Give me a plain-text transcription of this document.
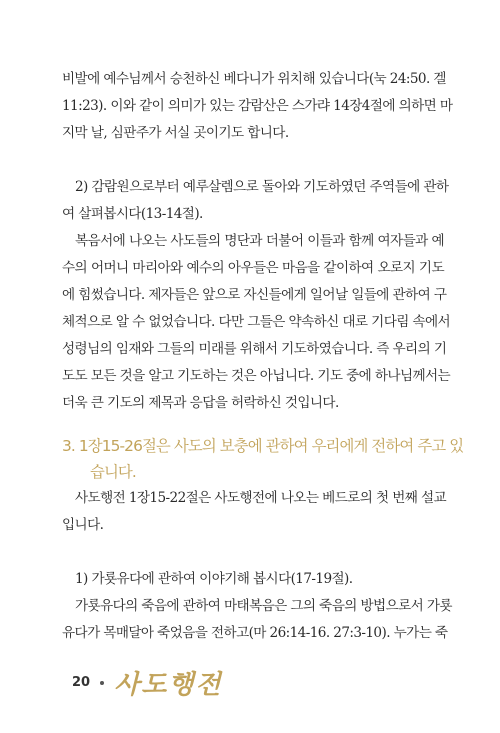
비발에 예수님께서 승천하신 베다니가 위치해 있습니다(눅 24:50. 겔

11:23). 이와 같이 의미가 있는 감람산은 스가랴 14장4절에 의하면 마

지막 날, 심판주가 서실 곳이기도 합니다.

2) 감람원으로부터 예루살렘으로 돌아와 기도하였던 주역들에 관하

여 살펴봅시다(13-14절).

복음서에 나오는 사도들의 명단과 더불어 이들과 함께 여자들과 예

수의 어머니 마리아와 예수의 아우들은 마음을 같이하여 오로지 기도

에 힘썼습니다. 제자들은 앞으로 자신들에게 일어날 일들에 관하여 구

체적으로 알 수 없었습니다. 다만 그들은 약속하신 대로 기다림 속에서

성령님의 임재와 그들의 미래를 위해서 기도하였습니다. 즉 우리의 기

도도 모든 것을 알고 기도하는 것은 아닙니다. 기도 중에 하나님께서는

더욱 큰 기도의 제목과 응답을 허락하신 것입니다.

3. 1장15-26절은 사도의 보충에 관하여 우리에게 전하여 주고 있
습니다.

사도행전 1장15-22절은 사도행전에 나오는 베드로의 첫 번째 설교

입니다.

1) 가룟유다에 관하여 이야기해 봅시다(17-19절).

가룟유다의 죽음에 관하여 마태복음은 그의 죽음의 방법으로서 가룟

유다가 목매달아 죽었음을 전하고(마 26:14-16. 27:3-10). 누가는 죽

20 사도행전
